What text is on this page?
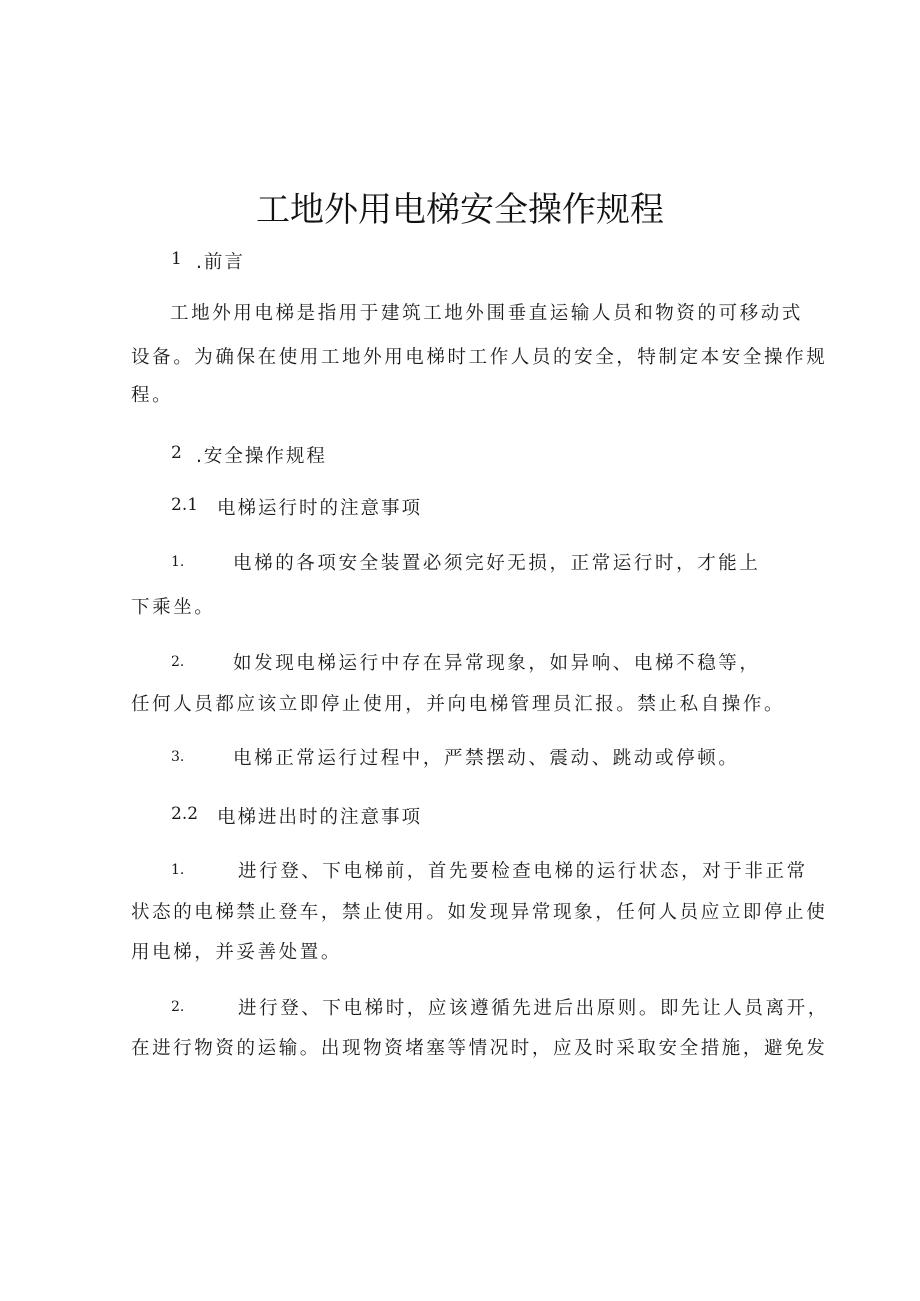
工地外用电梯安全操作规程
1 .前言
工地外用电梯是指用于建筑工地外围垂直运输人员和物资的可移动式
设备。为确保在使用工地外用电梯时工作人员的安全，特制定本安全操作规
程。
2 .安全操作规程
2.1 电梯运行时的注意事项
1.	电梯的各项安全装置必须完好无损，正常运行时，才能上
下乘坐。
2.	如发现电梯运行中存在异常现象，如异响、电梯不稳等，
任何人员都应该立即停止使用，并向电梯管理员汇报。禁止私自操作。
3.	电梯正常运行过程中，严禁摆动、震动、跳动或停顿。
2.2 电梯进出时的注意事项
1.	进行登、下电梯前，首先要检查电梯的运行状态，对于非正常
状态的电梯禁止登车，禁止使用。如发现异常现象，任何人员应立即停止使
用电梯，并妥善处置。
2.	进行登、下电梯时，应该遵循先进后出原则。即先让人员离开，
在进行物资的运输。出现物资堵塞等情况时，应及时采取安全措施，避免发
